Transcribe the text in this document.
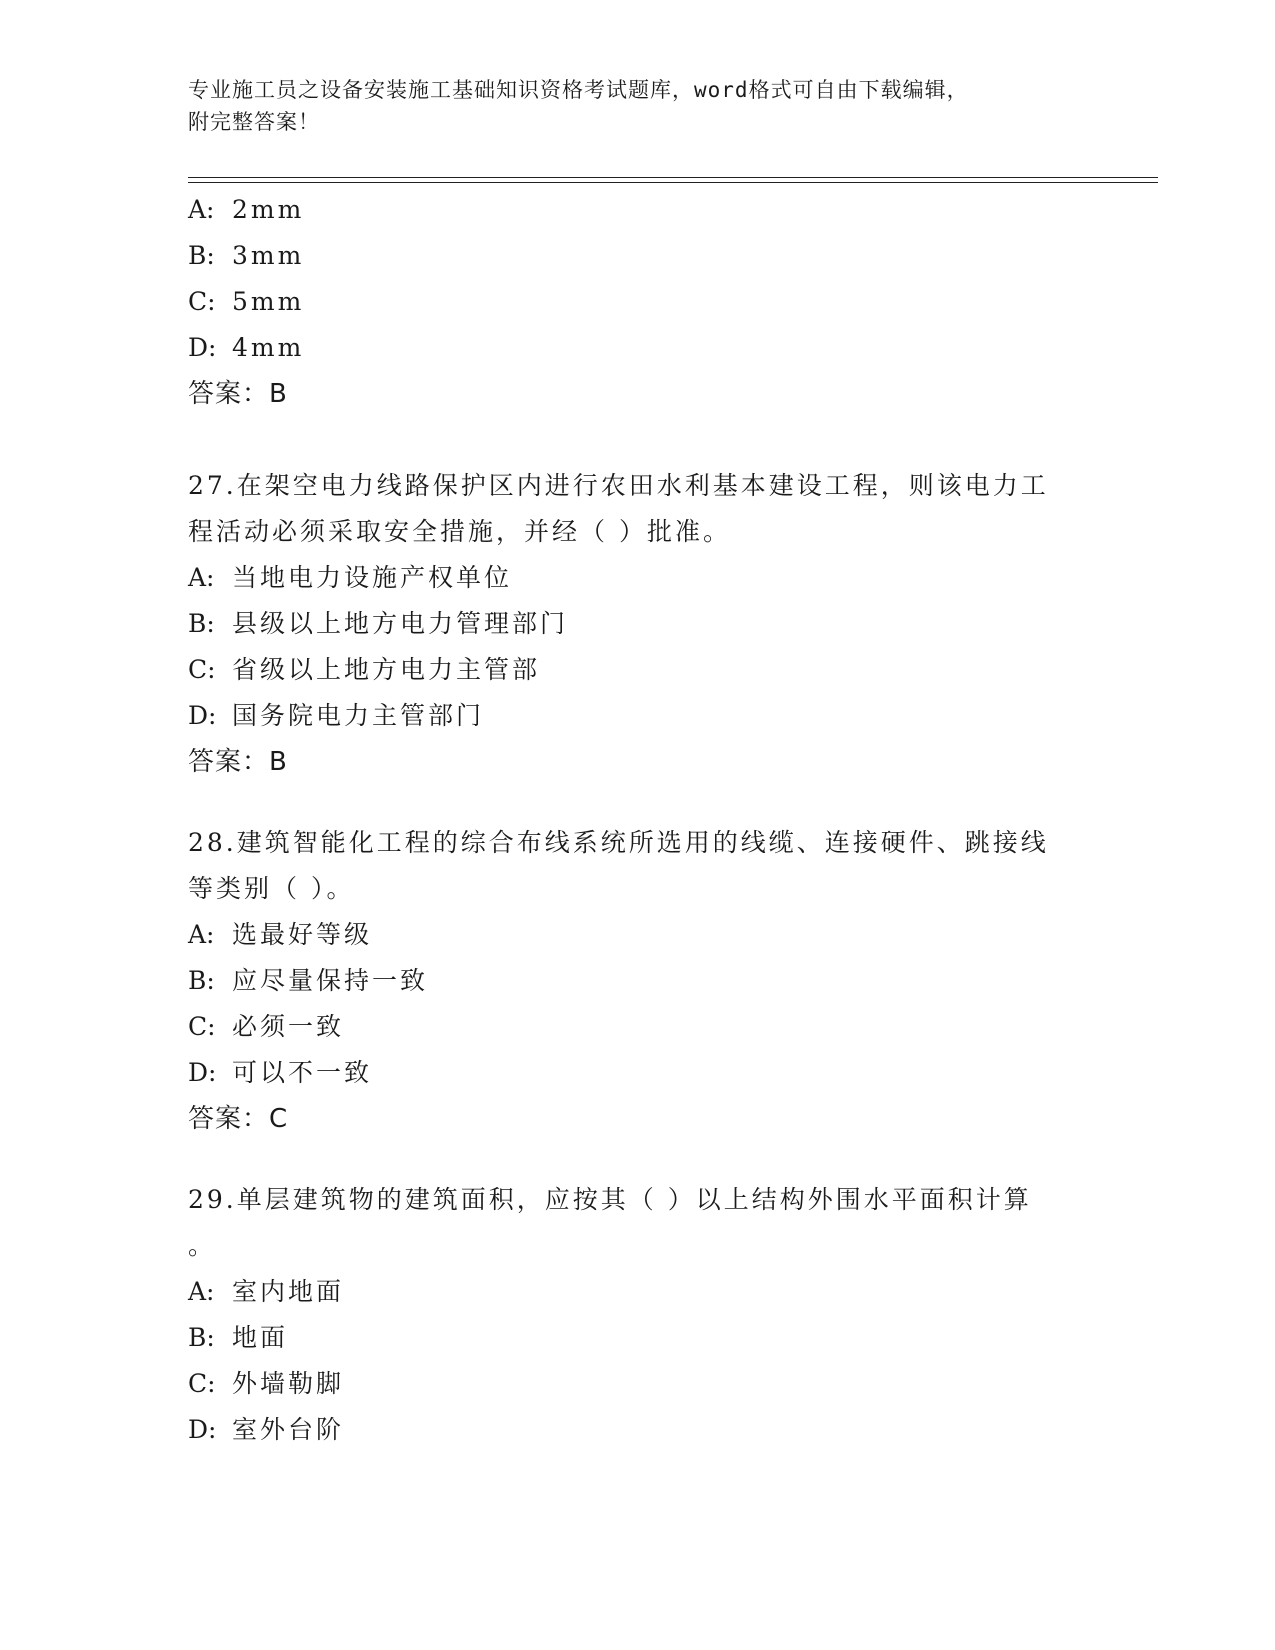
专业施工员之设备安装施工基础知识资格考试题库，word格式可自由下载编辑，
附完整答案！
A: 2mm
B: 3mm
C: 5mm
D: 4mm
答案：B
27.在架空电力线路保护区内进行农田水利基本建设工程，则该电力工
程活动必须采取安全措施，并经（ ）批准。
A: 当地电力设施产权单位
B: 县级以上地方电力管理部门
C: 省级以上地方电力主管部
D: 国务院电力主管部门
答案：B
28.建筑智能化工程的综合布线系统所选用的线缆、连接硬件、跳接线
等类别（ ）。
A: 选最好等级
B: 应尽量保持一致
C: 必须一致
D: 可以不一致
答案：C
29.单层建筑物的建筑面积，应按其（ ）以上结构外围水平面积计算
。
A: 室内地面
B: 地面
C: 外墙勒脚
D: 室外台阶
